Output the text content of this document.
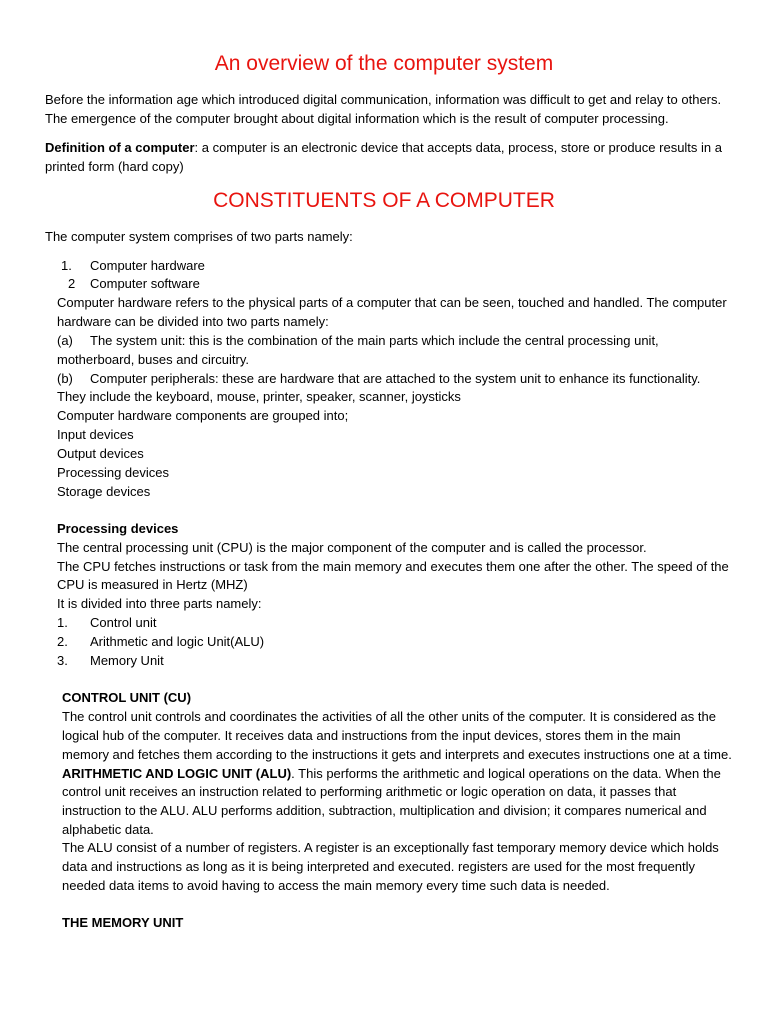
An overview of the computer system
Before the information age which introduced digital communication, information was difficult to get and relay to others.
The emergence of the computer brought about digital information which is the result of computer processing.
Definition of a computer: a computer is an electronic device that accepts data, process, store or produce results in a
printed form (hard copy)
CONSTITUENTS OF A COMPUTER
The computer system comprises of two parts namely:
1. Computer hardware
2 Computer software
Computer hardware refers to the physical parts of a computer that can be seen, touched and handled. The computer
hardware can be divided into two parts namely:
(a) The system unit: this is the combination of the main parts which include the central processing unit,
motherboard, buses and circuitry.
(b) Computer peripherals: these are hardware that are attached to the system unit to enhance its functionality.
They include the keyboard, mouse, printer, speaker, scanner, joysticks
Computer hardware components are grouped into;
Input devices
Output devices
Processing devices
Storage devices
Processing devices
The central processing unit (CPU) is the major component of the computer and is called the processor.
The CPU fetches instructions or task from the main memory and executes them one after the other. The speed of the
CPU is measured in Hertz (MHZ)
It is divided into three parts namely:
1. Control unit
2. Arithmetic and logic Unit(ALU)
3. Memory Unit
CONTROL UNIT (CU)
The control unit controls and coordinates the activities of all the other units of the computer. It is considered as the
logical hub of the computer. It receives data and instructions from the input devices, stores them in the main
memory and fetches them according to the instructions it gets and interprets and executes instructions one at a time.
ARITHMETIC AND LOGIC UNIT (ALU). This performs the arithmetic and logical operations on the data. When the
control unit receives an instruction related to performing arithmetic or logic operation on data, it passes that
instruction to the ALU. ALU performs addition, subtraction, multiplication and division; it compares numerical and
alphabetic data.
The ALU consist of a number of registers. A register is an exceptionally fast temporary memory device which holds
data and instructions as long as it is being interpreted and executed. registers are used for the most frequently
needed data items to avoid having to access the main memory every time such data is needed.
THE MEMORY UNIT
